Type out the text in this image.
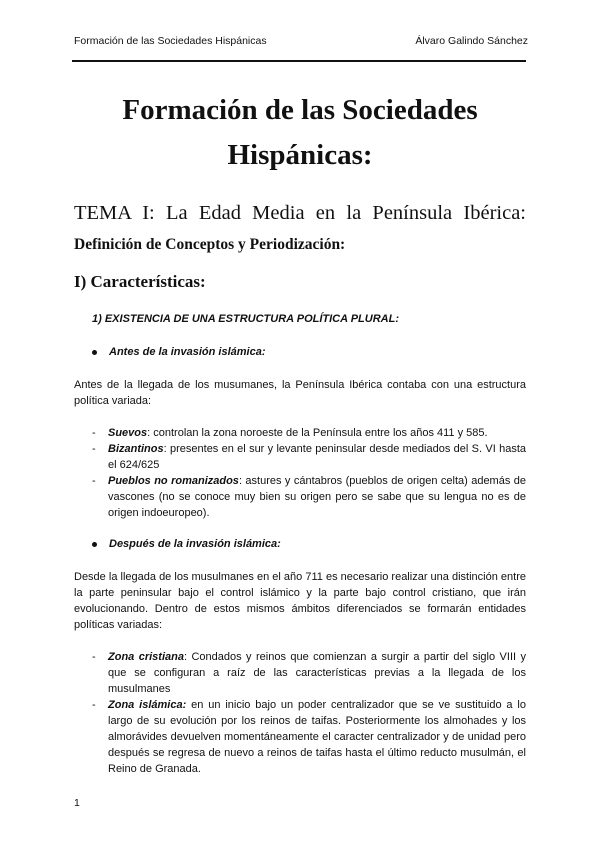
Formación de las Sociedades Hispánicas	Álvaro Galindo Sánchez
Formación de las Sociedades
Hispánicas:
TEMA I: La Edad Media en la Península Ibérica: Definición de Conceptos y Periodización:
I) Características:
1) EXISTENCIA DE UNA ESTRUCTURA POLÍTICA PLURAL:
Antes de la invasión islámica:
Antes de la llegada de los musumanes, la Península Ibérica contaba con una estructura política variada:
-	Suevos: controlan la zona noroeste de la Península entre los años 411 y 585.
-	Bizantinos: presentes en el sur y levante peninsular desde mediados del S. VI hasta el 624/625
-	Pueblos no romanizados: astures y cántabros (pueblos de origen celta) además de vascones (no se conoce muy bien su origen pero se sabe que su lengua no es de origen indoeuropeo).
Después de la invasión islámica:
Desde la llegada de los musulmanes en el año 711 es necesario realizar una distinción entre la parte peninsular bajo el control islámico y la parte bajo control cristiano, que irán evolucionando. Dentro de estos mismos ámbitos diferenciados se formarán entidades políticas variadas:
-	Zona cristiana: Condados y reinos que comienzan a surgir a partir del siglo VIII y que se configuran a raíz de las características previas a la llegada de los musulmanes
-	Zona islámica: en un inicio bajo un poder centralizador que se ve sustituido a lo largo de su evolución por los reinos de taifas. Posteriormente los almohades y los almorávides devuelven momentáneamente el caracter centralizador y de unidad pero después se regresa de nuevo a reinos de taifas hasta el último reducto musulmán, el Reino de Granada.
1
